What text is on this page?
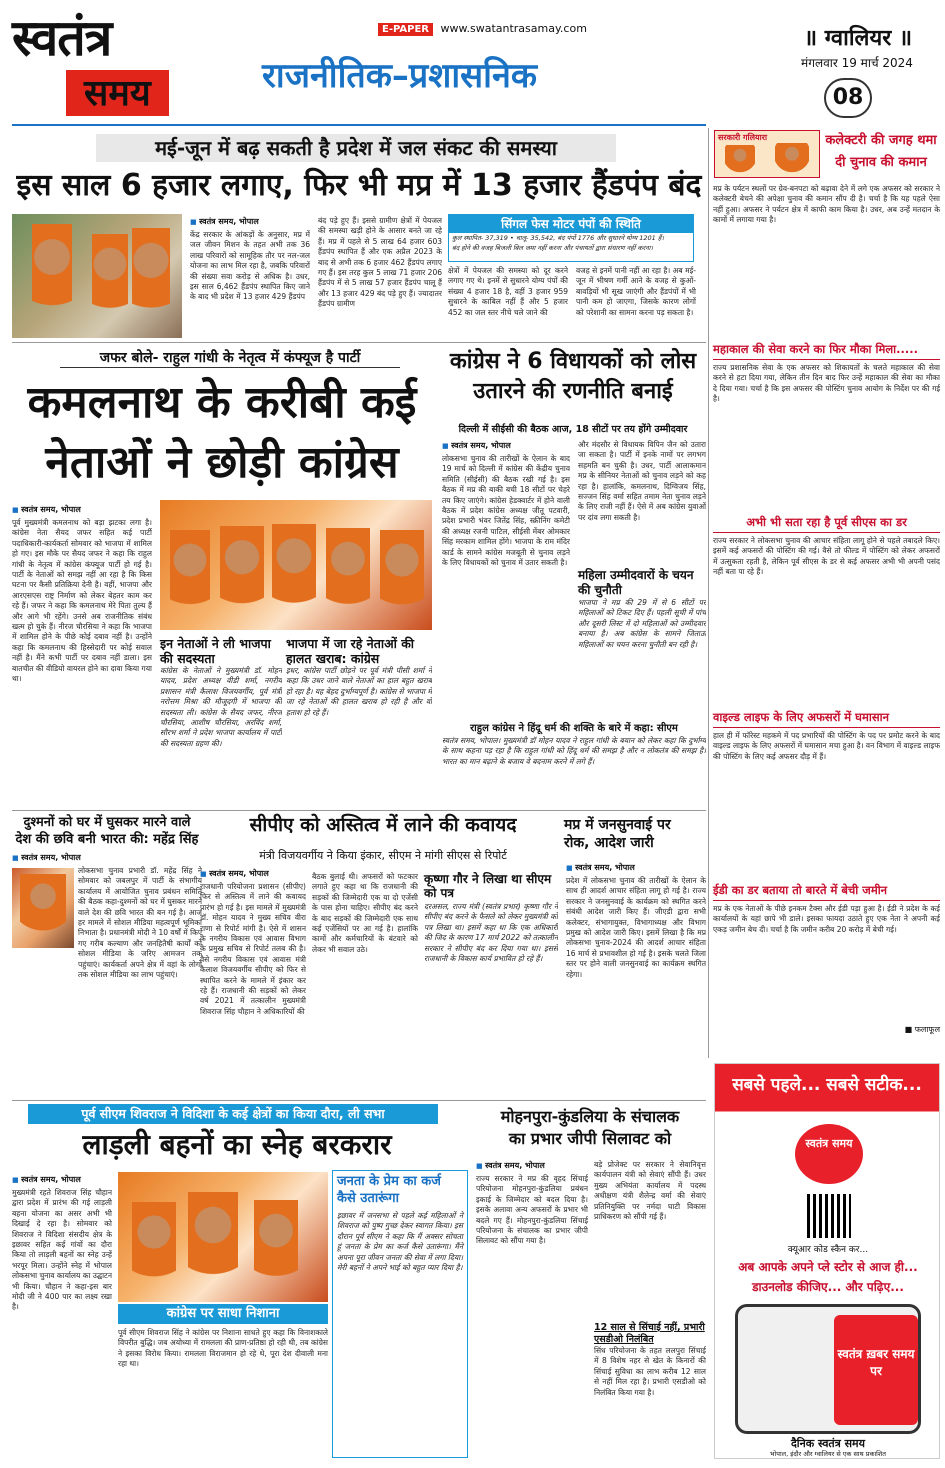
स्वतंत्र
समय
E-PAPER www.swatantrasamay.com
राजनीतिक–प्रशासनिक
॥ ग्वालियर ॥
मंगलवार 19 मार्च 2024
08
मई-जून में बढ़ सकती है प्रदेश में जल संकट की समस्या
इस साल 6 हजार लगाए, फिर भी मप्र में 13 हजार हैंडपंप बंद
■ स्वतंत्र समय, भोपाल
केंद्र सरकार के आंकड़ों के अनुसार, मप्र में जल जीवन मिशन के तहत अभी तक 36 लाख परिवारों को सामूहिक तौर पर नल-जल योजना का लाभ मिल रहा है, जबकि परिवारों की संख्या सवा करोड़ से अधिक है। उधर, इस साल 6,462 हैंडपंप स्थापित किए जाने के बाद भी प्रदेश में 13 हजार 429 हैंडपंप
बंद पड़े हुए हैं। इससे ग्रामीण क्षेत्रों में पेयजल की समस्या खड़ी होने के आसार बनते जा रहे हैं। मप्र में पहले से 5 लाख 64 हजार 603 हैंडपंप स्थापित हैं और एक अप्रैल 2023 के बाद से अभी तक 6 हजार 462 हैंडपंप लगाए गए हैं। इस तरह कुल 5 लाख 71 हजार 206 हैंडपंप में से 5 लाख 57 हजार हैंडपंप चालू हैं और 13 हजार 429 बंद पड़े हुए हैं। ज्यादातर हैंडपंप ग्रामीण
सिंगल फेस मोटर पंपों की स्थिति
कुल स्थापित- 37,319 • चालू- 35,542, बंद पंपों 1776 और सुधारने योग्य 1201 हैं।
बंद होने की वजह बिजली बिल जमा नहीं करना और पंचायतों द्वारा संधारण नहीं करना।
क्षेत्रों में पेयजल की समस्या को दूर करने लगाए गए थे। इनमें से सुधारने योग्य पंपों की संख्या 4 हजार 18 है, वहीं 3 हजार 959 सुधारने के काबिल नहीं हैं और 5 हजार 452 का जल स्तर नीचे चले जाने की
वजह से इनमें पानी नहीं आ रहा है। अब मई-जून में भीषण गर्मी आने के वजह से कुओं-बावड़ियों भी सूख जाएंगी और हैंडपंपों में भी पानी कम हो जाएगा, जिसके कारण लोगों को परेशानी का सामना करना पड़ सकता है।
जफर बोले- राहुल गांधी के नेतृत्व में कंफ्यूज है पार्टी
कमलनाथ के करीबी कई
नेताओं ने छोड़ी कांग्रेस
■ स्वतंत्र समय, भोपाल
पूर्व मुख्यमंत्री कमलनाथ को बड़ा झटका लगा है। कांग्रेस नेता सैयद जफर सहित कई पार्टी पदाधिकारी-कार्यकर्ता सोमवार को भाजपा में शामिल हो गए। इस मौके पर सैयद जफर ने कहा कि राहुल गांधी के नेतृत्व में कांग्रेस कंफ्यूज पार्टी हो गई है। पार्टी के नेताओं को समझ नहीं आ रहा है कि किस घटना पर कैसी प्रतिक्रिया देनी है। वहीं, भाजपा और आरएसएस राष्ट्र निर्माण को लेकर बेहतर काम कर रहे हैं। जफर ने कहा कि कमलनाथ मेरे पिता तुल्य हैं और आगे भी रहेंगे। उनसे अब राजनीतिक संबंध खत्म हो चुके हैं। नीरज चौरसिया ने कहा कि भाजपा में शामिल होने के पीछे कोई दबाव नहीं है। उन्होंने कहा कि कमलनाथ की हिस्सेदारी पर कोई सवाल नहीं है। मैंने कभी पार्टी पर दबाव नहीं डाला। इस बातचीत की वीडियो वायरल होने का दावा किया गया था।
इन नेताओं ने ली भाजपा की सदस्यता
कांग्रेस के नेताओं ने मुख्यमंत्री डॉ. मोहन यादव, प्रदेश अध्यक्ष वीडी शर्मा, नगरीय प्रशासन मंत्री कैलाश विजयवर्गीय, पूर्व मंत्री नरोत्तम मिश्रा की मौजूदगी में भाजपा की सदस्यता ली। कांग्रेस के सैयद जफर, नीरज चौरसिया, आशीष चौरसिया, अरविंद शर्मा, सौरभ शर्मा ने प्रदेश भाजपा कार्यालय में पार्टी की सदस्यता ग्रहण की।
भाजपा में जा रहे नेताओं की हालत खराब: कांग्रेस
इधर, कांग्रेस पार्टी छोड़ने पर पूर्व मंत्री पीसी शर्मा ने कहा कि उधर जाने वाले नेताओं का हाल बहुत खराब हो रहा है। यह बेहद दुर्भाग्यपूर्ण है। कांग्रेस से भाजपा में जा रहे नेताओं की हालत खराब हो रही है और वो हताश हो रहे हैं।
कांग्रेस ने 6 विधायकों को लोस
उतारने की रणनीति बनाई
दिल्ली में सीईसी की बैठक आज, 18 सीटों पर तय होंगे उम्मीदवार
■ स्वतंत्र समय, भोपाल
लोकसभा चुनाव की तारीखों के ऐलान के बाद 19 मार्च को दिल्ली में कांग्रेस की केंद्रीय चुनाव समिति (सीईसी) की बैठक रखी गई है। इस बैठक में मप्र की बाकी बची 18 सीटों पर चेहरे तय किए जाएंगे। कांग्रेस हेडक्वार्टर में होने वाली बैठक में प्रदेश कांग्रेस अध्यक्ष जीतू पटवारी, प्रदेश प्रभारी भंवर जितेंद्र सिंह, स्क्रीनिंग कमेटी की अध्यक्ष रजनी पाटिल, सीईसी मेंबर ओमकार सिंह मरकाम शामिल होंगे। भाजपा के राम मंदिर कार्ड के सामने कांग्रेस मजबूती से चुनाव लड़ने के लिए विधायकों को चुनाव में उतार सकती है।
और मंदसौर से विधायक विपिन जैन को उतारा जा सकता है। पार्टी में इनके नामों पर लगभग सहमति बन चुकी है। उधर, पार्टी आलाकमान मप्र के सीनियर नेताओं को चुनाव लड़ने को कह रहा है। हालांकि, कमलनाथ, दिग्विजय सिंह, सज्जन सिंह वर्मा सहित तमाम नेता चुनाव लड़ने के लिए राजी नहीं हैं। ऐसे में अब कांग्रेस युवाओं पर दांव लगा सकती है।
महिला उम्मीदवारों के चयन की चुनौती
भाजपा ने मप्र की 29 में से 6 सीटों पर महिलाओं को टिकट दिए हैं। पहली सूची में पांच और दूसरी लिस्ट में दो महिलाओं को उम्मीदवार बनाया है। अब कांग्रेस के सामने जिताऊ महिलाओं का चयन करना चुनौती बन रही है।
राहुल कांग्रेस ने हिंदू धर्म की शक्ति के बारे में कहा: सीएम
स्वतंत्र समय, भोपाल। मुख्यमंत्री डॉ मोहन यादव ने राहुल गांधी के बयान को लेकर कहा कि दुर्भाग्य के साथ कहना पड़ रहा है कि राहुल गांधी को हिंदू धर्म की समझ है और न लोकतंत्र की समझ है। भारत का मान बढ़ाने के बजाय वे बदनाम करने में लगे हैं।
दुश्मनों को घर में घुसकर मारने वाले
देश की छवि बनी भारत की: महेंद्र सिंह
■ स्वतंत्र समय, भोपाल
लोकसभा चुनाव प्रभारी डॉ. महेंद्र सिंह ने सोमवार को जबलपुर में पार्टी के संभागीय कार्यालय में आयोजित चुनाव प्रबंधन समिति की बैठक कहा-दुश्मनों को घर में घुसकर मारने वाले देश की छवि भारत की बन गई है। आज हर मामले में सोशल मीडिया महत्वपूर्ण भूमिका निभाता है। प्रधानमंत्री मोदी ने 10 वर्षों में किए गए गरीब कल्याण और जनहितैषी कार्यों को सोशल मीडिया के जरिए आमजन तक पहुंचाएं। कार्यकर्ता अपने क्षेत्र में वहां के लोगों तक सोशल मीडिया का लाभ पहुंचाएं।
सीपीए को अस्तित्व में लाने की कवायद
मंत्री विजयवर्गीय ने किया इंकार, सीएम ने मांगी सीएस से रिपोर्ट
■ स्वतंत्र समय, भोपाल
राजधानी परियोजना प्रशासन (सीपीए) फिर से अस्तित्व में लाने की कवायद प्रारंभ हो गई है। इस मामले में मुख्यमंत्री डॉ. मोहन यादव ने मुख्य सचिव वीरा राणा से रिपोर्ट मांगी है। ऐसे में शासन के नगरीय विकास एवं आवास विभाग के प्रमुख सचिव से रिपोर्ट तलब की है। वैसे नगरीय विकास एवं आवास मंत्री कैलाश विजयवर्गीय सीपीए को फिर से स्थापित करने के मामले में इंकार कर रहे हैं। राजधानी की सड़कों को लेकर वर्ष 2021 में तत्कालीन मुख्यमंत्री शिवराज सिंह चौहान ने अधिकारियों की
बैठक बुलाई थी। अफसरों को फटकार लगाते हुए कहा था कि राजधानी की सड़कों की जिम्मेदारी एक या दो एजेंसी के पास होना चाहिए। सीपीए बंद करने के बाद सड़कों की जिम्मेदारी एक साथ कई एजेंसियों पर आ गई है। हालांकि कामों और कर्मचारियों के बंटवारे को लेकर भी सवाल उठे।
कृष्णा गौर ने लिखा था सीएम को पत्र
दरअसल, राज्य मंत्री (स्वतंत्र प्रभार) कृष्णा गौर ने सीपीए बंद करने के फैसले को लेकर मुख्यमंत्री को पत्र लिखा था। इसमें कहा था कि एक अधिकारी की जिद के कारण 17 मार्च 2022 को तत्कालीन सरकार ने सीपीए बंद कर दिया गया था। इससे राजधानी के विकास कार्य प्रभावित हो रहे हैं।
मप्र में जनसुनवाई पर
रोक, आदेश जारी
■ स्वतंत्र समय, भोपाल
प्रदेश में लोकसभा चुनाव की तारीखों के ऐलान के साथ ही आदर्श आचार संहिता लागू हो गई है। राज्य सरकार ने जनसुनवाई के कार्यक्रम को स्थगित करने संबंधी आदेश जारी किए हैं। जीएडी द्वारा सभी कलेक्टर, संभागायुक्त, विभागाध्यक्ष और विभाग प्रमुख को आदेश जारी किए। इसमें लिखा है कि मप्र लोकसभा चुनाव-2024 की आदर्श आचार संहिता 16 मार्च से प्रभावशील हो गई है। इसके चलते जिला स्तर पर होने वाली जनसुनवाई का कार्यक्रम स्थगित रहेगा।
पूर्व सीएम शिवराज ने विदिशा के कई क्षेत्रों का किया दौरा, ली सभा
लाड़ली बहनों का स्नेह बरकरार
■ स्वतंत्र समय, भोपाल
मुख्यमंत्री रहते शिवराज सिंह चौहान द्वारा प्रदेश में प्रारंभ की गई लाड़ली बहना योजना का असर अभी भी दिखाई दे रहा है। सोमवार को शिवराज ने विदिशा संसदीय क्षेत्र के इछावर सहित कई गांवों का दौरा किया तो लाड़ली बहनों का स्नेह उन्हें भरपूर मिला। उन्होंने स्नेह में भोपाल लोकसभा चुनाव कार्यालय का उद्घाटन भी किया। चौहान ने कहा-इस बार मोदी जी ने 400 पार का लक्ष्य रखा है।	कांग्रेस पर साधा निशाना
पूर्व सीएम शिवराज सिंह ने कांग्रेस पर निशाना साधते हुए कहा कि विनाशकाले विपरीत बुद्धि। जब अयोध्या में रामलला की प्राण-प्रतिष्ठा हो रही थी, तब कांग्रेस ने इसका विरोध किया। रामलला विराजमान हो रहे थे, पूरा देश दीवाली मना रहा था।
जनता के प्रेम का कर्ज कैसे उतारूंगा
इछावर में जनसभा से पहले कई महिलाओं ने शिवराज को पुष्प गुच्छ देकर स्वागत किया। इस दौरान पूर्व सीएम ने कहा कि मैं अक्सर सोचता हूं जनता के प्रेम का कर्ज कैसे उतारूंगा। मैंने अपना पूरा जीवन जनता की सेवा में लगा दिया। मेरी बहनों ने अपने भाई को बहुत प्यार दिया है।
मोहनपुरा-कुंडलिया के संचालक
का प्रभार जीपी सिलावट को
■ स्वतंत्र समय, भोपाल
राज्य सरकार ने मप्र की वृहद सिंचाई परियोजना मोहनपुरा-कुंडलिया प्रबंधन इकाई के जिम्मेदार को बदल दिया है। इसके अलावा अन्य अफसरों के प्रभार भी बदले गए हैं। मोहनपुरा-कुंडलिया सिंचाई परियोजना के संचालक का प्रभार जीपी सिलावट को सौंपा गया है।
बड़े प्रोजेक्ट पर सरकार ने सेवानिवृत्त कार्यपालन यंत्री को सेवाएं सौंपी हैं। उधर मुख्य अभियंता कार्यालय में पदस्थ अधीक्षण यंत्री शैलेन्द्र वर्मा की सेवाएं प्रतिनियुक्ति पर नर्मदा घाटी विकास प्राधिकरण को सौंपी गई हैं।
12 साल से सिंचाई नहीं, प्रभारी एसडीओ निलंबित
सिंध परियोजना के तहत ललपुरा सिंचाई में 8 विशेष नहर से खेत के किनारों की सिंचाई सुविधा का लाभ करीब 12 साल से नहीं मिल रहा है। प्रभारी एसडीओ को निलंबित किया गया है।
सरकारी गलियारा	कलेक्टरी की जगह थमा
दी चुनाव की कमान
मप्र के पर्यटन स्थलों पर ग्रेव-बनपटा को बढ़ावा देने में लगे एक अफसर को सरकार ने कलेक्टरी बेचने की अपेक्षा चुनाव की कमान सौंप दी है। चर्चा है कि यह पहले ऐसा नहीं हुआ। अफसर ने पर्यटन क्षेत्र में काफी काम किया है। उधर, अब उन्हें मतदान के कामों में लगाया गया है।
महाकाल की सेवा करने का फिर मौका मिला.....
राज्य प्रशासनिक सेवा के एक अफसर को शिकायतों के चलते महाकाल की सेवा करने से हटा दिया गया, लेकिन तीन दिन बाद फिर उन्हें महाकाल की सेवा का मौका दे दिया गया। चर्चा है कि इस अफसर की पोस्टिंग चुनाव आयोग के निर्देश पर की गई है।
अभी भी सता रहा है पूर्व सीएस का डर
राज्य सरकार ने लोकसभा चुनाव की आचार संहिता लागू होने से पहले तबादले किए। इसमें कई अफसरों की पोस्टिंग की गई। वैसे तो फील्ड में पोस्टिंग को लेकर अफसरों में उत्सुकता रहती है, लेकिन पूर्व सीएस के डर से कई अफसर अभी भी अपनी पसंद नहीं बता पा रहे हैं।
वाइल्ड लाइफ के लिए अफसरों में घमासान
हाल ही में फॉरेस्ट महकमे में पद प्रभारियों की पोस्टिंग के पद पर प्रमोट करने के बाद वाइल्ड लाइफ के लिए अफसरों में घमासान मचा हुआ है। वन विभाग में वाइल्ड लाइफ की पोस्टिंग के लिए कई अफसर दौड़ में हैं।
ईडी का डर बताया तो बारते में बेची जमीन
मप्र के एक नेताओं के पीछे इनकम टैक्स और ईडी पड़ा हुआ है। ईडी ने प्रदेश के कई कार्यालयों के यहां छापे भी डाले। इसका फायदा उठाते हुए एक नेता ने अपनी कई एकड़ जमीन बेच दी। चर्चा है कि जमीन करीब 20 करोड़ में बेची गई।
■ फलाफूल
सबसे पहले... सबसे सटीक...
स्वतंत्र समय
क्यूआर कोड स्कैन कर...
अब आपके अपने प्ले स्टोर से आज ही...
डाउनलोड कीजिए... और पढ़िए...
स्वतंत्र ख़बर समय पर
दैनिक स्वतंत्र समय
भोपाल, इंदौर और ग्वालियर से एक साथ प्रकाशित
